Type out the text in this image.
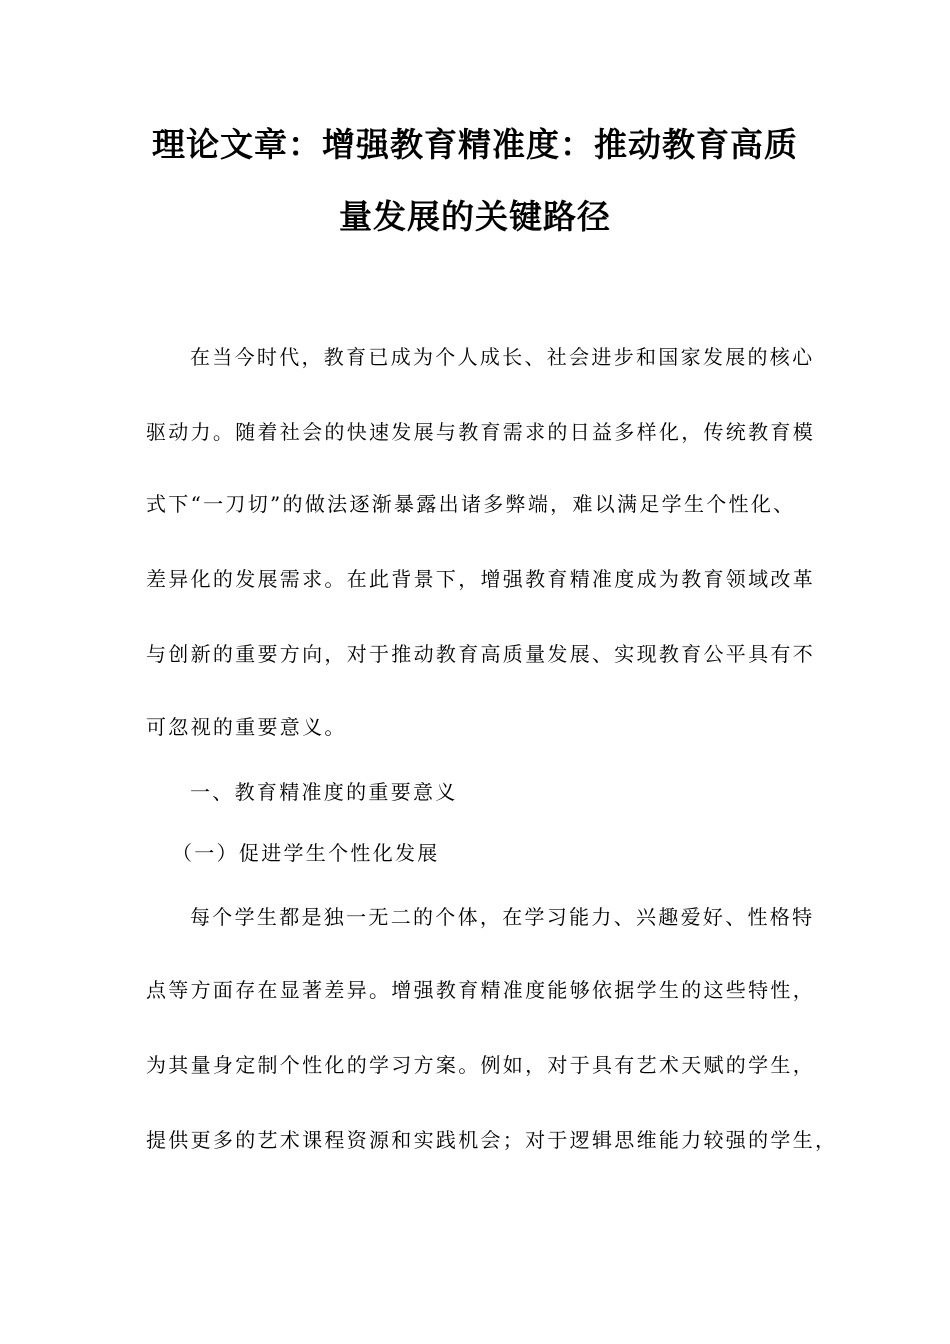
理论文章：增强教育精准度：推动教育高质
量发展的关键路径
在当今时代，教育已成为个人成长、社会进步和国家发展的核心
驱动力。随着社会的快速发展与教育需求的日益多样化，传统教育模
式下“一刀切”的做法逐渐暴露出诸多弊端，难以满足学生个性化、
差异化的发展需求。在此背景下，增强教育精准度成为教育领域改革
与创新的重要方向，对于推动教育高质量发展、实现教育公平具有不
可忽视的重要意义。
一、教育精准度的重要意义
（一）促进学生个性化发展
每个学生都是独一无二的个体，在学习能力、兴趣爱好、性格特
点等方面存在显著差异。增强教育精准度能够依据学生的这些特性，
为其量身定制个性化的学习方案。例如，对于具有艺术天赋的学生，
提供更多的艺术课程资源和实践机会；对于逻辑思维能力较强的学生，
